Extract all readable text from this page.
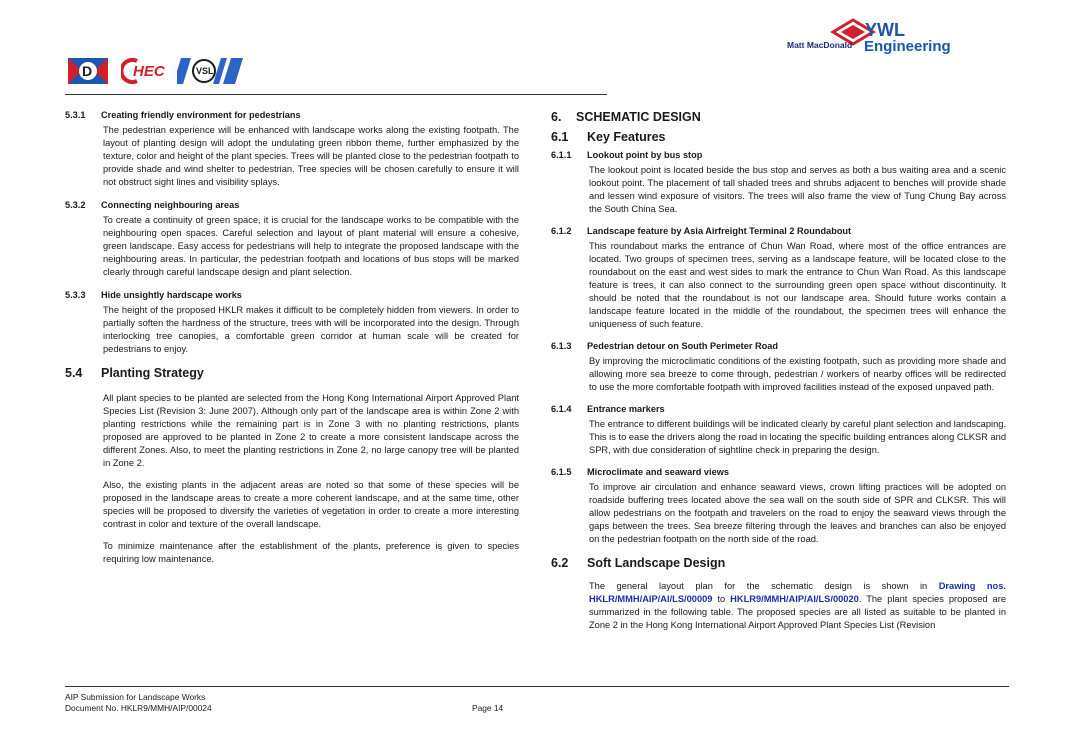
D	HEC	VSL
Matt MacDonald
YWL
Engineering
5.3.1	Creating friendly environment for pedestrians

The pedestrian experience will be enhanced with landscape works along the existing footpath. The layout of planting design will adopt the undulating green ribbon theme, further emphasized by the texture, color and height of the plant species. Trees will be planted close to the pedestrian footpath to provide shade and wind shelter to pedestrian. Tree species will be chosen carefully to ensure it will not obstruct sight lines and visibility splays.

5.3.2	Connecting neighbouring areas

To create a continuity of green space, it is crucial for the landscape works to be compatible with the neighbouring open spaces. Careful selection and layout of plant material will ensure a cohesive, green landscape. Easy access for pedestrians will help to integrate the proposed landscape with the neighbouring areas. In particular, the pedestrian footpath and locations of bus stops will be marked clearly through careful landscape design and plant selection.

5.3.3	Hide unsightly hardscape works

The height of the proposed HKLR makes it difficult to be completely hidden from viewers. In order to partially soften the hardness of the structure, trees with will be incorporated into the design. Through interlocking tree canopies, a comfortable green corridor at human scale will be created for pedestrians to enjoy.

5.4	Planting Strategy

All plant species to be planted are selected from the Hong Kong International Airport Approved Plant Species List (Revision 3: June 2007). Although only part of the landscape area is within Zone 2 with planting restrictions while the remaining part is in Zone 3 with no planting restrictions, plants proposed are approved to be planted in Zone 2 to create a more consistent landscape across the different Zones. Also, to meet the planting restrictions in Zone 2, no large canopy tree will be planted in Zone 2.

Also, the existing plants in the adjacent areas are noted so that some of these species will be proposed in the landscape areas to create a more coherent landscape, and at the same time, other species will be proposed to diversify the varieties of vegetation in order to create a more interesting contrast in color and texture of the overall landscape.

To minimize maintenance after the establishment of the plants, preference is given to species requiring low maintenance.

6.	SCHEMATIC DESIGN
6.1	Key Features
6.1.1	Lookout point by bus stop

The lookout point is located beside the bus stop and serves as both a bus waiting area and a scenic lookout point. The placement of tall shaded trees and shrubs adjacent to benches will provide shade and lessen wind exposure of visitors. The trees will also frame the view of Tung Chung Bay across the South China Sea.

6.1.2	Landscape feature by Asia Airfreight Terminal 2 Roundabout

This roundabout marks the entrance of Chun Wan Road, where most of the office entrances are located. Two groups of specimen trees, serving as a landscape feature, will be located close to the roundabout on the east and west sides to mark the entrance to Chun Wan Road. As this landscape feature is trees, it can also connect to the surrounding green open space without discontinuity. It should be noted that the roundabout is not our landscape area. Should future works contain a landscape feature located in the middle of the roundabout, the specimen trees will enhance the uniqueness of such feature.

6.1.3	Pedestrian detour on South Perimeter Road

By improving the microclimatic conditions of the existing footpath, such as providing more shade and allowing more sea breeze to come through, pedestrian / workers of nearby offices will be redirected to use the more comfortable footpath with improved facilities instead of the exposed unpaved path.

6.1.4	Entrance markers

The entrance to different buildings will be indicated clearly by careful plant selection and landscaping. This is to ease the drivers along the road in locating the specific building entrances along CLKSR and SPR, with due consideration of sightline check in preparing the design.

6.1.5	Microclimate and seaward views

To improve air circulation and enhance seaward views, crown lifting practices will be adopted on roadside buffering trees located above the sea wall on the south side of SPR and CLKSR. This will allow pedestrians on the footpath and travelers on the road to enjoy the seaward views through the gaps between the trees. Sea breeze filtering through the leaves and branches can also be enjoyed on the pedestrian footpath on the north side of the road.

6.2	Soft Landscape Design

The general layout plan for the schematic design is shown in Drawing nos. HKLR/MMH/AIP/AI/LS/00009 to HKLR9/MMH/AIP/AI/LS/00020. The plant species proposed are summarized in the following table. The proposed species are all listed as suitable to be planted in Zone 2 in the Hong Kong International Airport Approved Plant Species List (Revision

AIP Submission for Landscape Works
Document No. HKLR9/MMH/AIP/00024	Page 14
